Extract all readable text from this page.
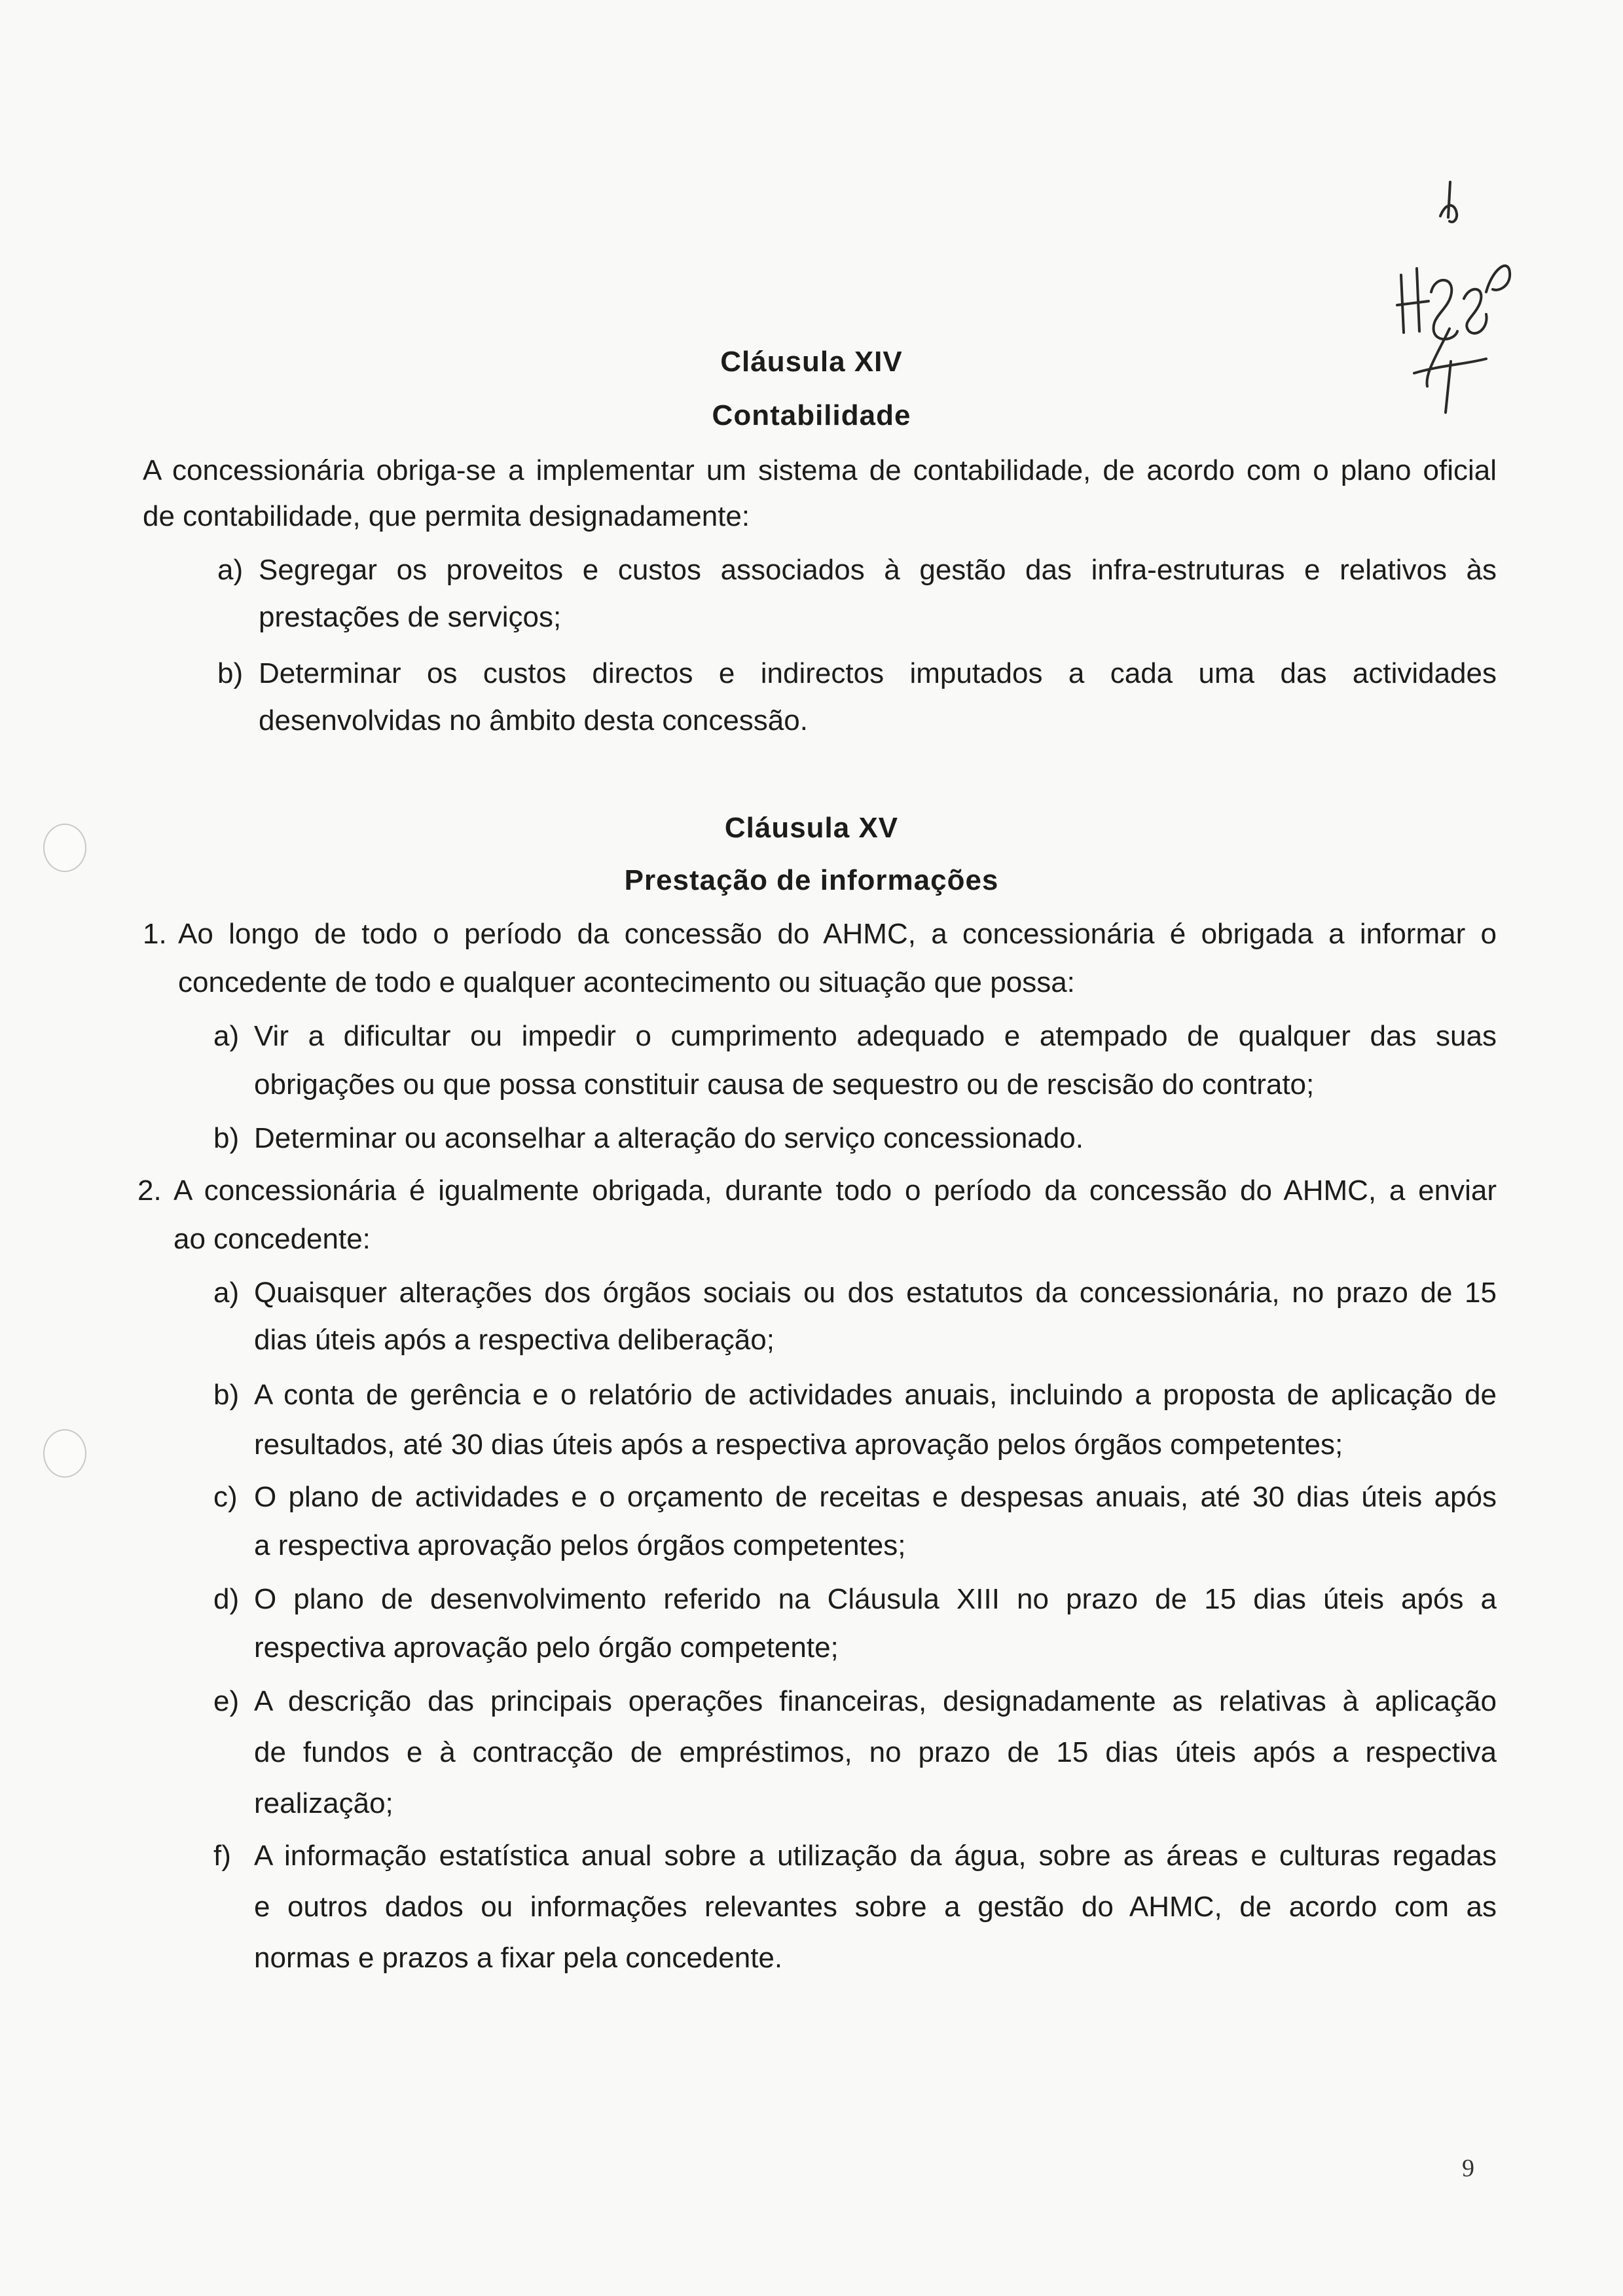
Cláusula XIV
Contabilidade
A concessionária obriga-se a implementar um sistema de contabilidade, de acordo com o plano oficial
de contabilidade, que permita designadamente:
a) Segregar os proveitos e custos associados à gestão das infra-estruturas e relativos às
prestações de serviços;
b) Determinar os custos directos e indirectos imputados a cada uma das actividades
desenvolvidas no âmbito desta concessão.
Cláusula XV
Prestação de informações
1. Ao longo de todo o período da concessão do AHMC, a concessionária é obrigada a informar o
concedente de todo e qualquer acontecimento ou situação que possa:
a) Vir a dificultar ou impedir o cumprimento adequado e atempado de qualquer das suas
obrigações ou que possa constituir causa de sequestro ou de rescisão do contrato;
b) Determinar ou aconselhar a alteração do serviço concessionado.
2. A concessionária é igualmente obrigada, durante todo o período da concessão do AHMC, a enviar
ao concedente:
a) Quaisquer alterações dos órgãos sociais ou dos estatutos da concessionária, no prazo de 15
dias úteis após a respectiva deliberação;
b) A conta de gerência e o relatório de actividades anuais, incluindo a proposta de aplicação de
resultados, até 30 dias úteis após a respectiva aprovação pelos órgãos competentes;
c) O plano de actividades e o orçamento de receitas e despesas anuais, até 30 dias úteis após
a respectiva aprovação pelos órgãos competentes;
d) O plano de desenvolvimento referido na Cláusula XIII no prazo de 15 dias úteis após a
respectiva aprovação pelo órgão competente;
e) A descrição das principais operações financeiras, designadamente as relativas à aplicação
de fundos e à contracção de empréstimos, no prazo de 15 dias úteis após a respectiva
realização;
f) A informação estatística anual sobre a utilização da água, sobre as áreas e culturas regadas
e outros dados ou informações relevantes sobre a gestão do AHMC, de acordo com as
normas e prazos a fixar pela concedente.
9
